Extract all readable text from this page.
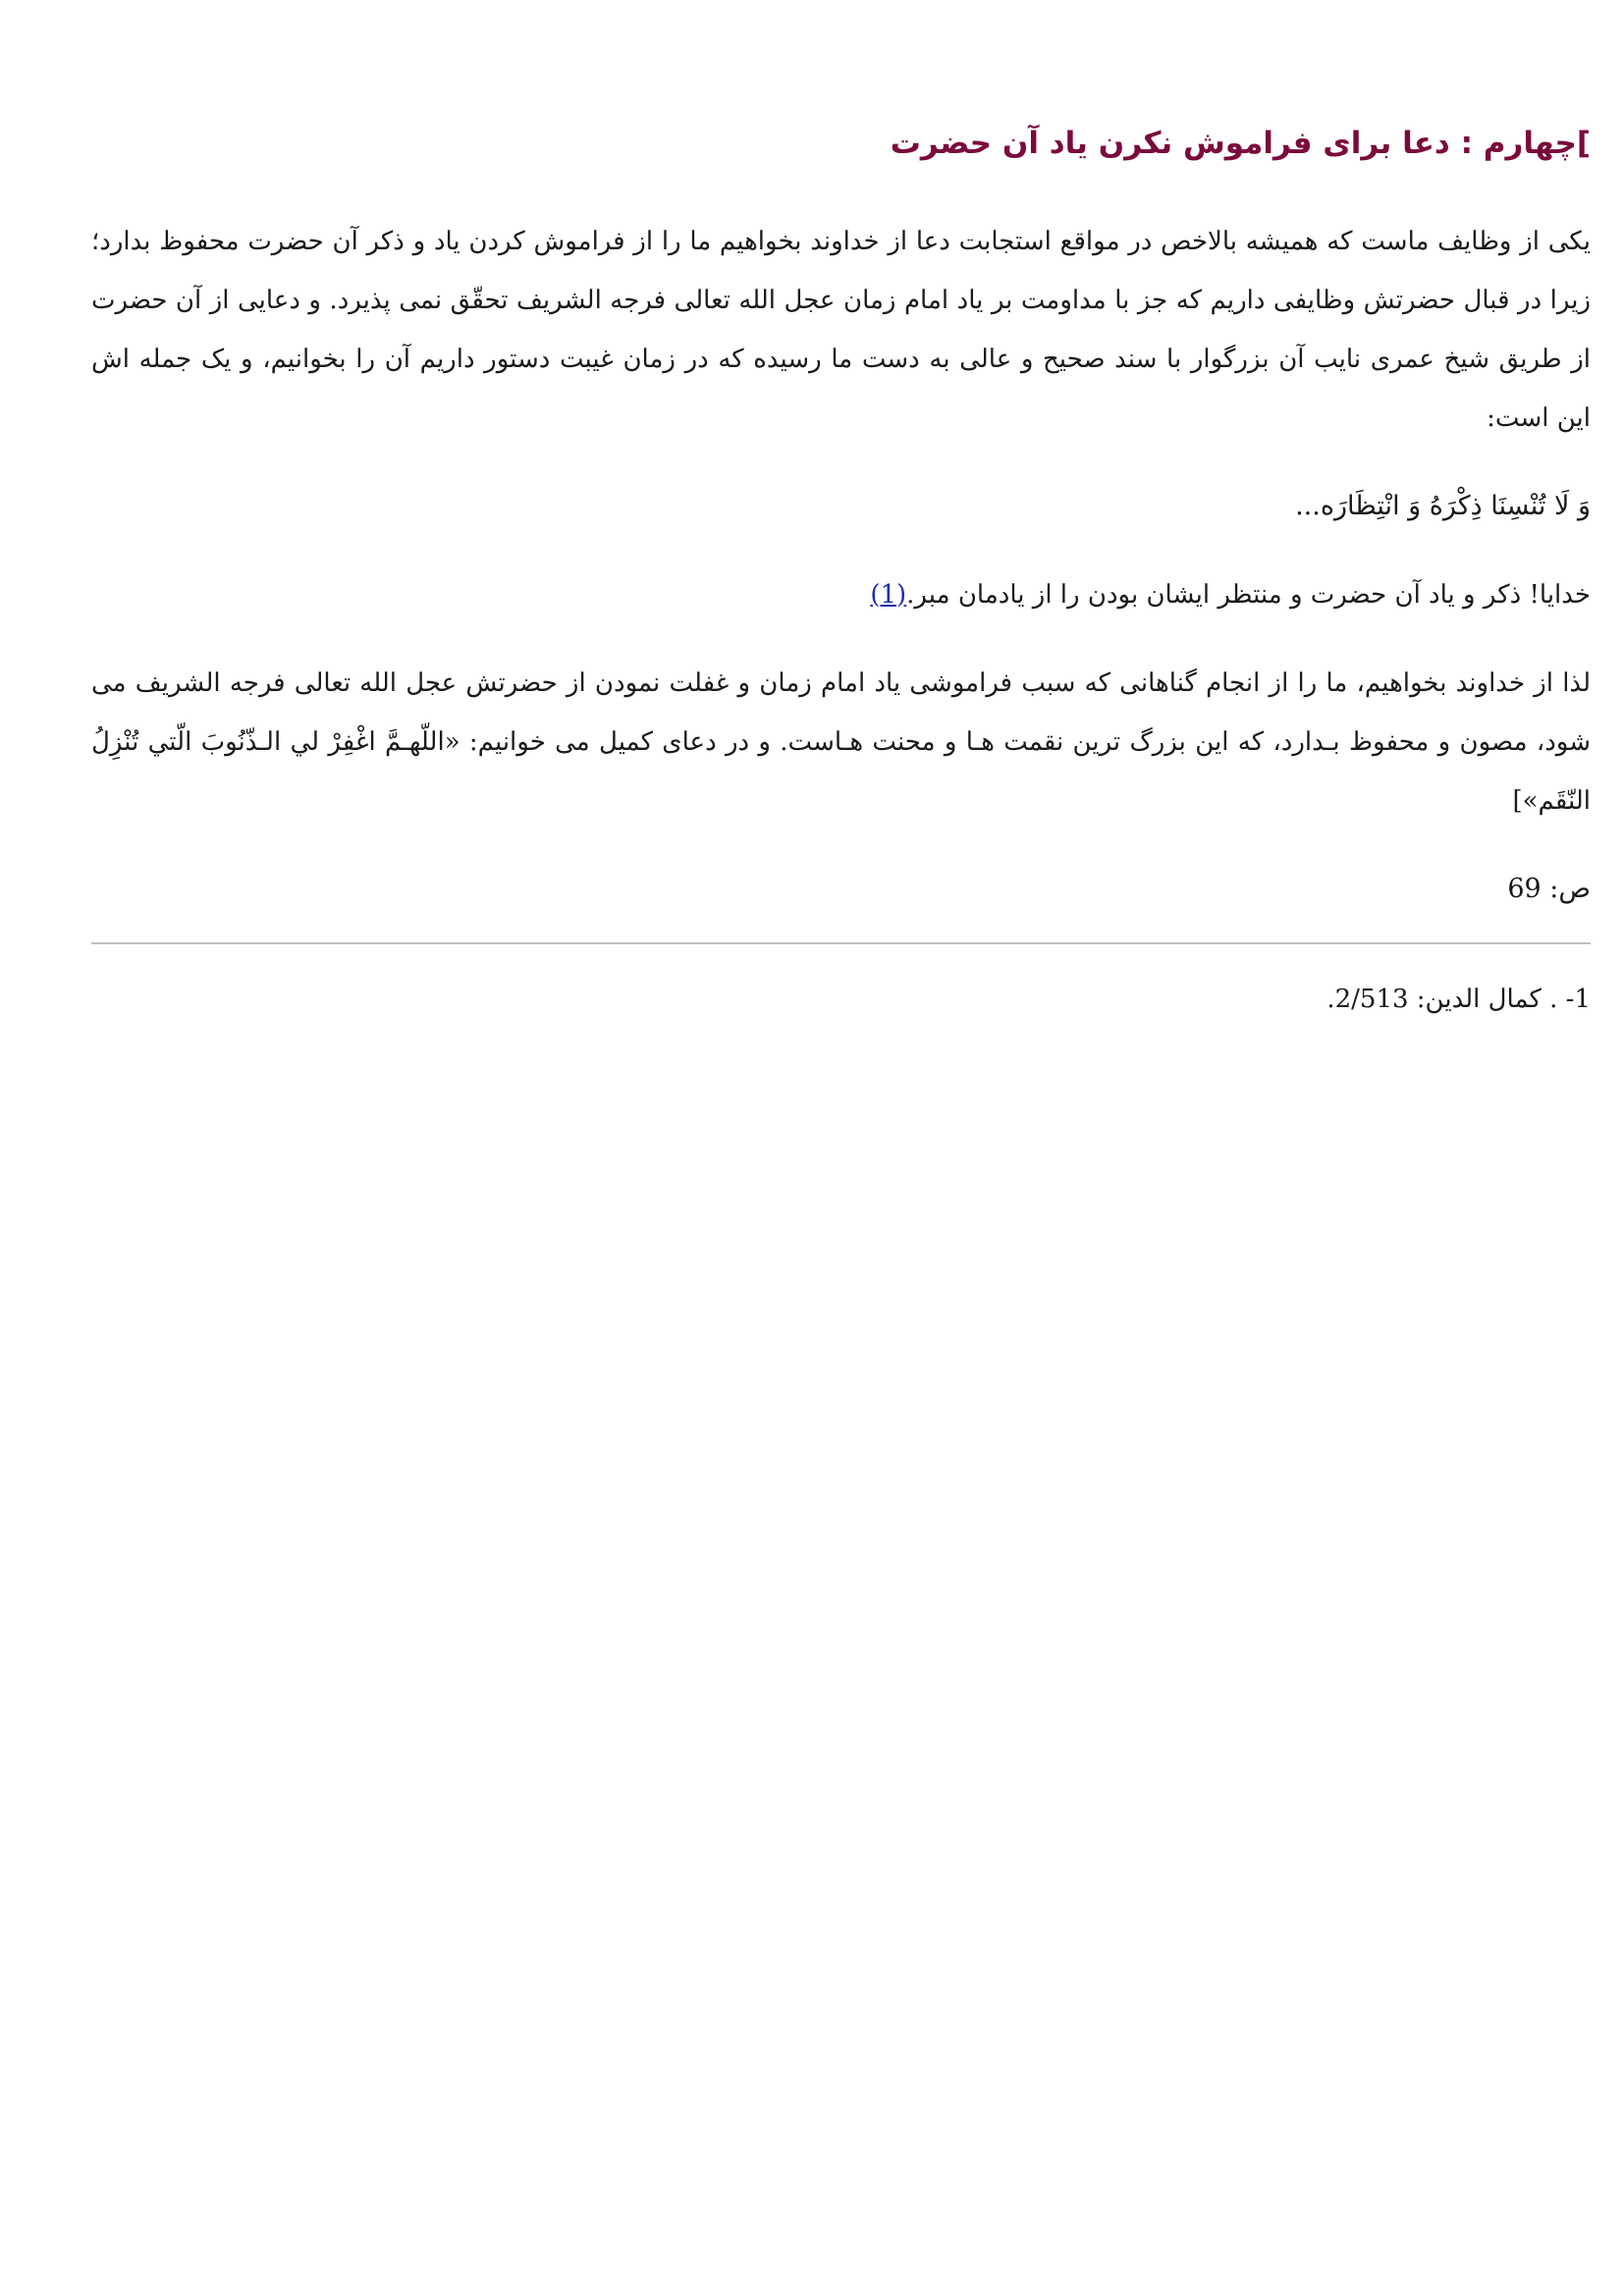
]چهارم : دعا برای فراموش نکرن یاد آن حضرت

یکی از وظایف ماست که همیشه بالاخص در مواقع استجابت دعا از خداوند بخواهیم ما را از فراموش کردن یاد و ذکر آن حضرت محفوظ بدارد؛ زیرا در قبال حضرتش وظایفی داریم که جز با مداومت بر یاد امام زمان عجل الله تعالی فرجه الشریف تحقّق نمی پذیرد. و دعایی از آن حضرت از طریق شیخ عمری نایب آن بزرگوار با سند صحیح و عالی به دست ما رسیده که در زمان غیبت دستور داریم آن را بخوانیم، و یک جمله اش این است:

وَ لَا تُنْسِنَا ذِكْرَهُ وَ انْتِظَارَه...

خدایا! ذکر و یاد آن حضرت و منتظر ایشان بودن را از یادمان مبر.(1)

لذا از خداوند بخواهیم، ما را از انجام گناهانی که سبب فراموشی یاد امام زمان و غفلت نمودن از حضرتش عجل الله تعالی فرجه الشریف می شود، مصون و محفوظ بـدارد، که این بزرگ ترین نقمت هـا و محنت هـاست. و در دعای کمیل می خوانیم: «اللّهـمَّ اغْفِرْ لي الـذّنُوبَ الّتي تُنْزِلُ النّقَم»]

ص: 69

1- . کمال الدین: 2/513.
